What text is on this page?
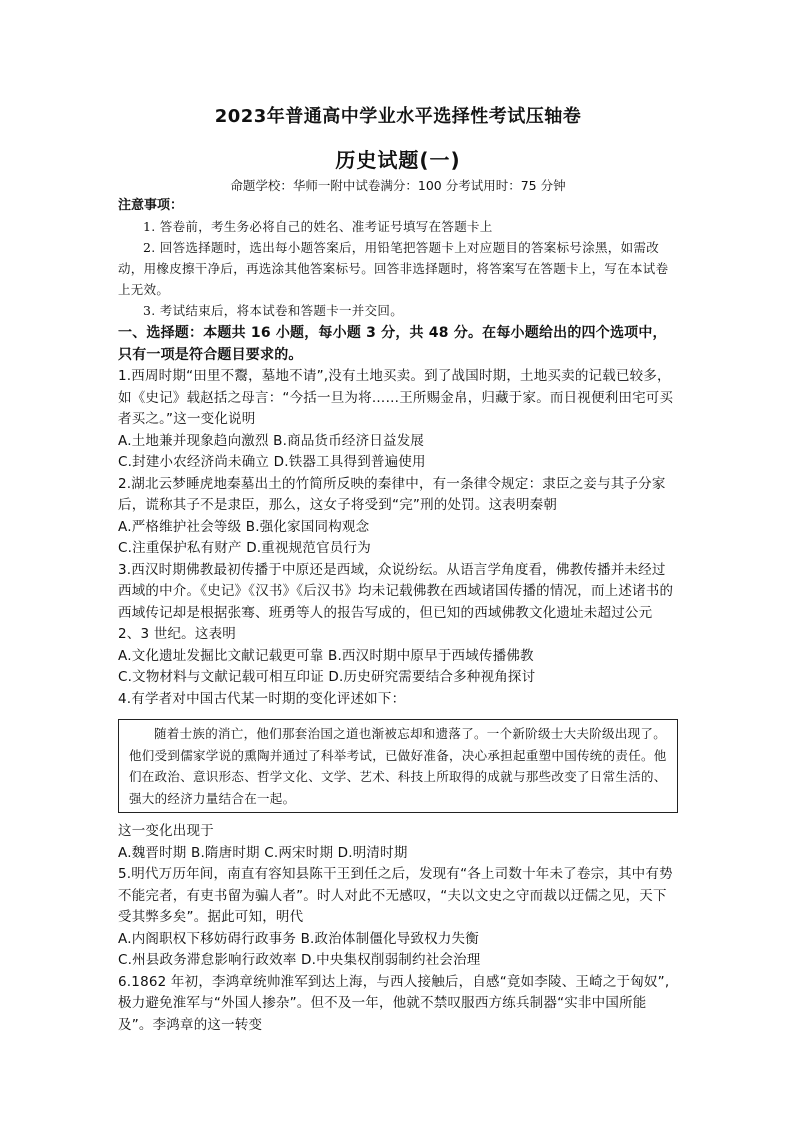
2023年普通高中学业水平选择性考试压轴卷
历史试题(一)
命题学校：华师一附中试卷满分：100 分考试用时：75 分钟
注意事项：
1. 答卷前，考生务必将自己的姓名、准考证号填写在答题卡上
2. 回答选择题时，选出每小题答案后，用铅笔把答题卡上对应题目的答案标号涂黑，如需改动，用橡皮擦干净后，再选涂其他答案标号。回答非选择题时，将答案写在答题卡上，写在本试卷上无效。
3. 考试结束后，将本试卷和答题卡一并交回。
一、选择题：本题共 16 小题，每小题 3 分，共 48 分。在每小题给出的四个选项中，只有一项是符合题目要求的。
1.西周时期“田里不鬻，墓地不请”,没有土地买卖。到了战国时期，土地买卖的记载已较多，如《史记》载赵括之母言：“今括一旦为将……王所赐金帛，归藏于家。而日视便利田宅可买者买之。”这一变化说明
A.土地兼并现象趋向激烈 B.商品货币经济日益发展
C.封建小农经济尚未确立 D.铁器工具得到普遍使用
2.湖北云梦睡虎地秦墓出土的竹简所反映的秦律中，有一条律令规定：隶臣之妾与其子分家后，谎称其子不是隶臣，那么，这女子将受到“完”刑的处罚。这表明秦朝
A.严格维护社会等级 B.强化家国同构观念
C.注重保护私有财产 D.重视规范官员行为
3.西汉时期佛教最初传播于中原还是西域，众说纷纭。从语言学角度看，佛教传播并未经过西域的中介。《史记》《汉书》《后汉书》均未记载佛教在西域诸国传播的情况，而上述诸书的西域传记却是根据张骞、班勇等人的报告写成的，但已知的西域佛教文化遗址未超过公元 2、3 世纪。这表明
A.文化遗址发掘比文献记载更可靠 B.西汉时期中原早于西域传播佛教
C.文物材料与文献记载可相互印证 D.历史研究需要结合多种视角探讨
4.有学者对中国古代某一时期的变化评述如下：
随着士族的消亡，他们那套治国之道也渐被忘却和遗落了。一个新阶级士大夫阶级出现了。他们受到儒家学说的熏陶并通过了科举考试，已做好准备，决心承担起重塑中国传统的责任。他们在政治、意识形态、哲学文化、文学、艺术、科技上所取得的成就与那些改变了日常生活的、强大的经济力量结合在一起。
这一变化出现于
A.魏晋时期 B.隋唐时期 C.两宋时期 D.明清时期
5.明代万历年间，南直有容知县陈干王到任之后，发现有“各上司数十年未了卷宗，其中有势不能完者，有吏书留为骗人者”。时人对此不无感叹，“夫以文史之守而裁以迂儒之见，天下受其弊多矣”。据此可知，明代
A.内阁职权下移妨碍行政事务 B.政治体制僵化导致权力失衡
C.州县政务滞怠影响行政效率 D.中央集权削弱制约社会治理
6.1862 年初，李鸿章统帅淮军到达上海，与西人接触后，自感“竟如李陵、王崎之于匈奴”,极力避免淮军与“外国人掺杂”。但不及一年，他就不禁叹服西方练兵制器“实非中国所能及”。李鸿章的这一转变
